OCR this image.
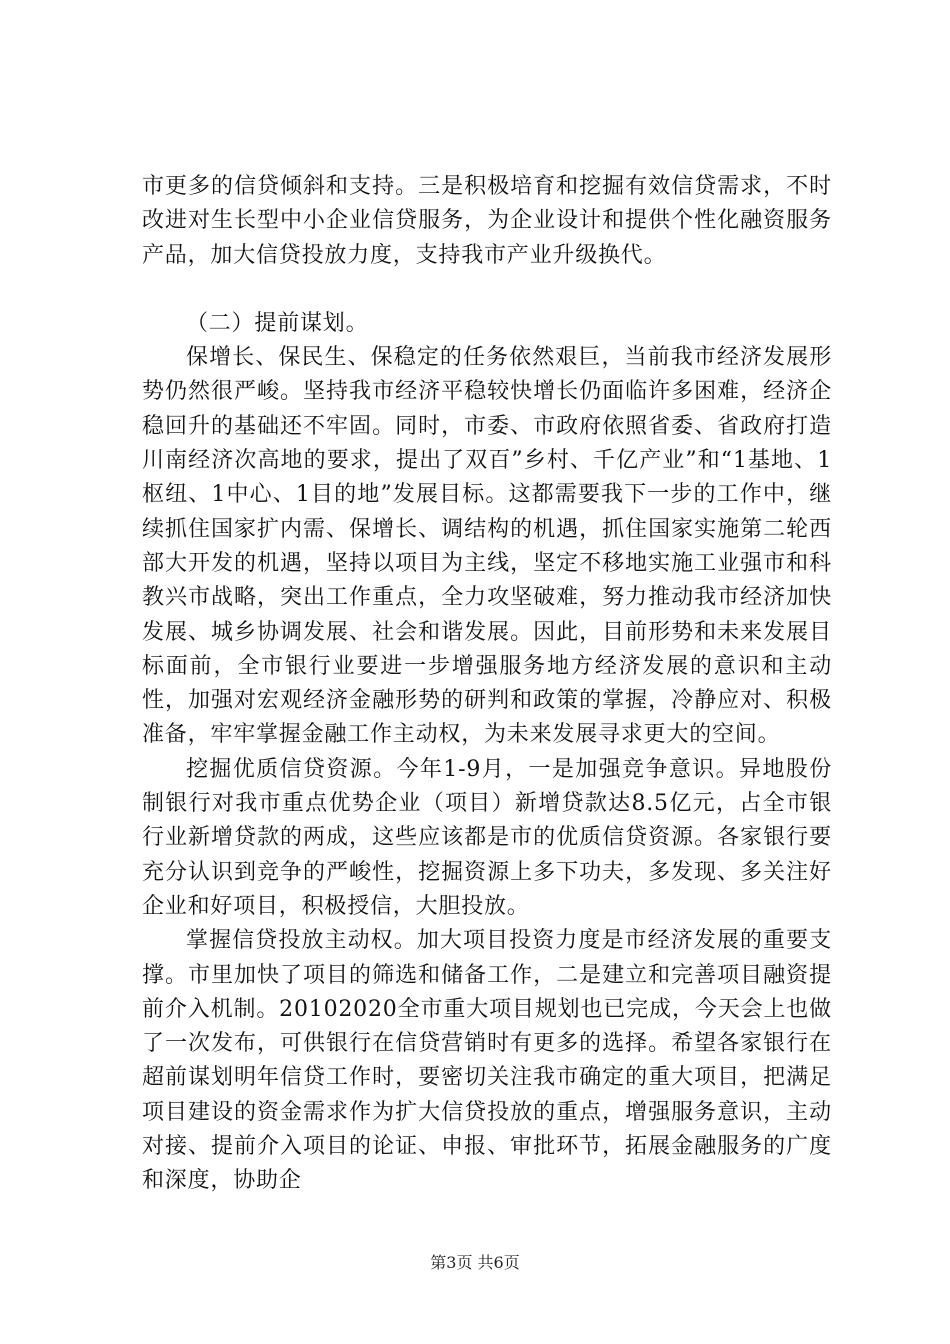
市更多的信贷倾斜和支持。三是积极培育和挖掘有效信贷需求，不时改进对生长型中小企业信贷服务，为企业设计和提供个性化融资服务产品，加大信贷投放力度，支持我市产业升级换代。

（二）提前谋划。

保增长、保民生、保稳定的任务依然艰巨，当前我市经济发展形势仍然很严峻。坚持我市经济平稳较快增长仍面临许多困难，经济企稳回升的基础还不牢固。同时，市委、市政府依照省委、省政府打造川南经济次高地的要求，提出了双百”乡村、千亿产业”和“1基地、1枢纽、1中心、1目的地”发展目标。这都需要我下一步的工作中，继续抓住国家扩内需、保增长、调结构的机遇，抓住国家实施第二轮西部大开发的机遇，坚持以项目为主线，坚定不移地实施工业强市和科教兴市战略，突出工作重点，全力攻坚破难，努力推动我市经济加快发展、城乡协调发展、社会和谐发展。因此，目前形势和未来发展目标面前，全市银行业要进一步增强服务地方经济发展的意识和主动性，加强对宏观经济金融形势的研判和政策的掌握，冷静应对、积极准备，牢牢掌握金融工作主动权，为未来发展寻求更大的空间。

挖掘优质信贷资源。今年1-9月，一是加强竞争意识。异地股份制银行对我市重点优势企业（项目）新增贷款达8.5亿元，占全市银行业新增贷款的两成，这些应该都是市的优质信贷资源。各家银行要充分认识到竞争的严峻性，挖掘资源上多下功夫，多发现、多关注好企业和好项目，积极授信，大胆投放。

掌握信贷投放主动权。加大项目投资力度是市经济发展的重要支撑。市里加快了项目的筛选和储备工作，二是建立和完善项目融资提前介入机制。20102020全市重大项目规划也已完成，今天会上也做了一次发布，可供银行在信贷营销时有更多的选择。希望各家银行在超前谋划明年信贷工作时，要密切关注我市确定的重大项目，把满足项目建设的资金需求作为扩大信贷投放的重点，增强服务意识，主动对接、提前介入项目的论证、申报、审批环节，拓展金融服务的广度和深度，协助企

第3页 共6页
